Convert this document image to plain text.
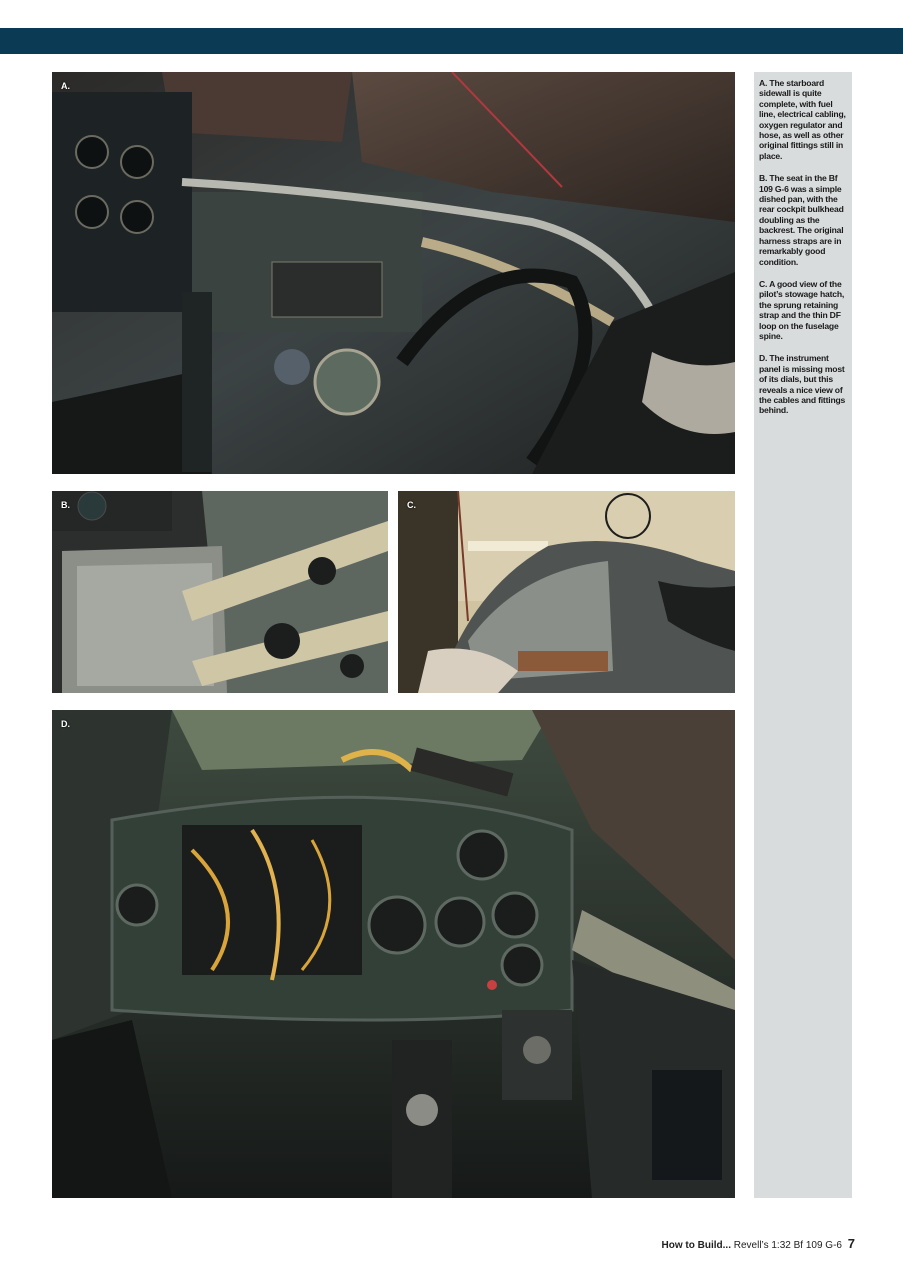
A.
B.	C.
D.

A. The starboard sidewall is quite complete, with fuel line, electrical cabling, oxygen regulator and hose, as well as other original fittings still in place.

B. The seat in the Bf 109 G-6 was a simple dished pan, with the rear cockpit bulkhead doubling as the backrest. The original harness straps are in remarkably good condition.

C. A good view of the pilot’s stowage hatch, the sprung retaining strap and the thin DF loop on the fuselage spine.

D. The instrument panel is missing most of its dials, but this reveals a nice view of the cables and fittings behind.

How to Build... Revell’s 1:32 Bf 109 G-6 7
